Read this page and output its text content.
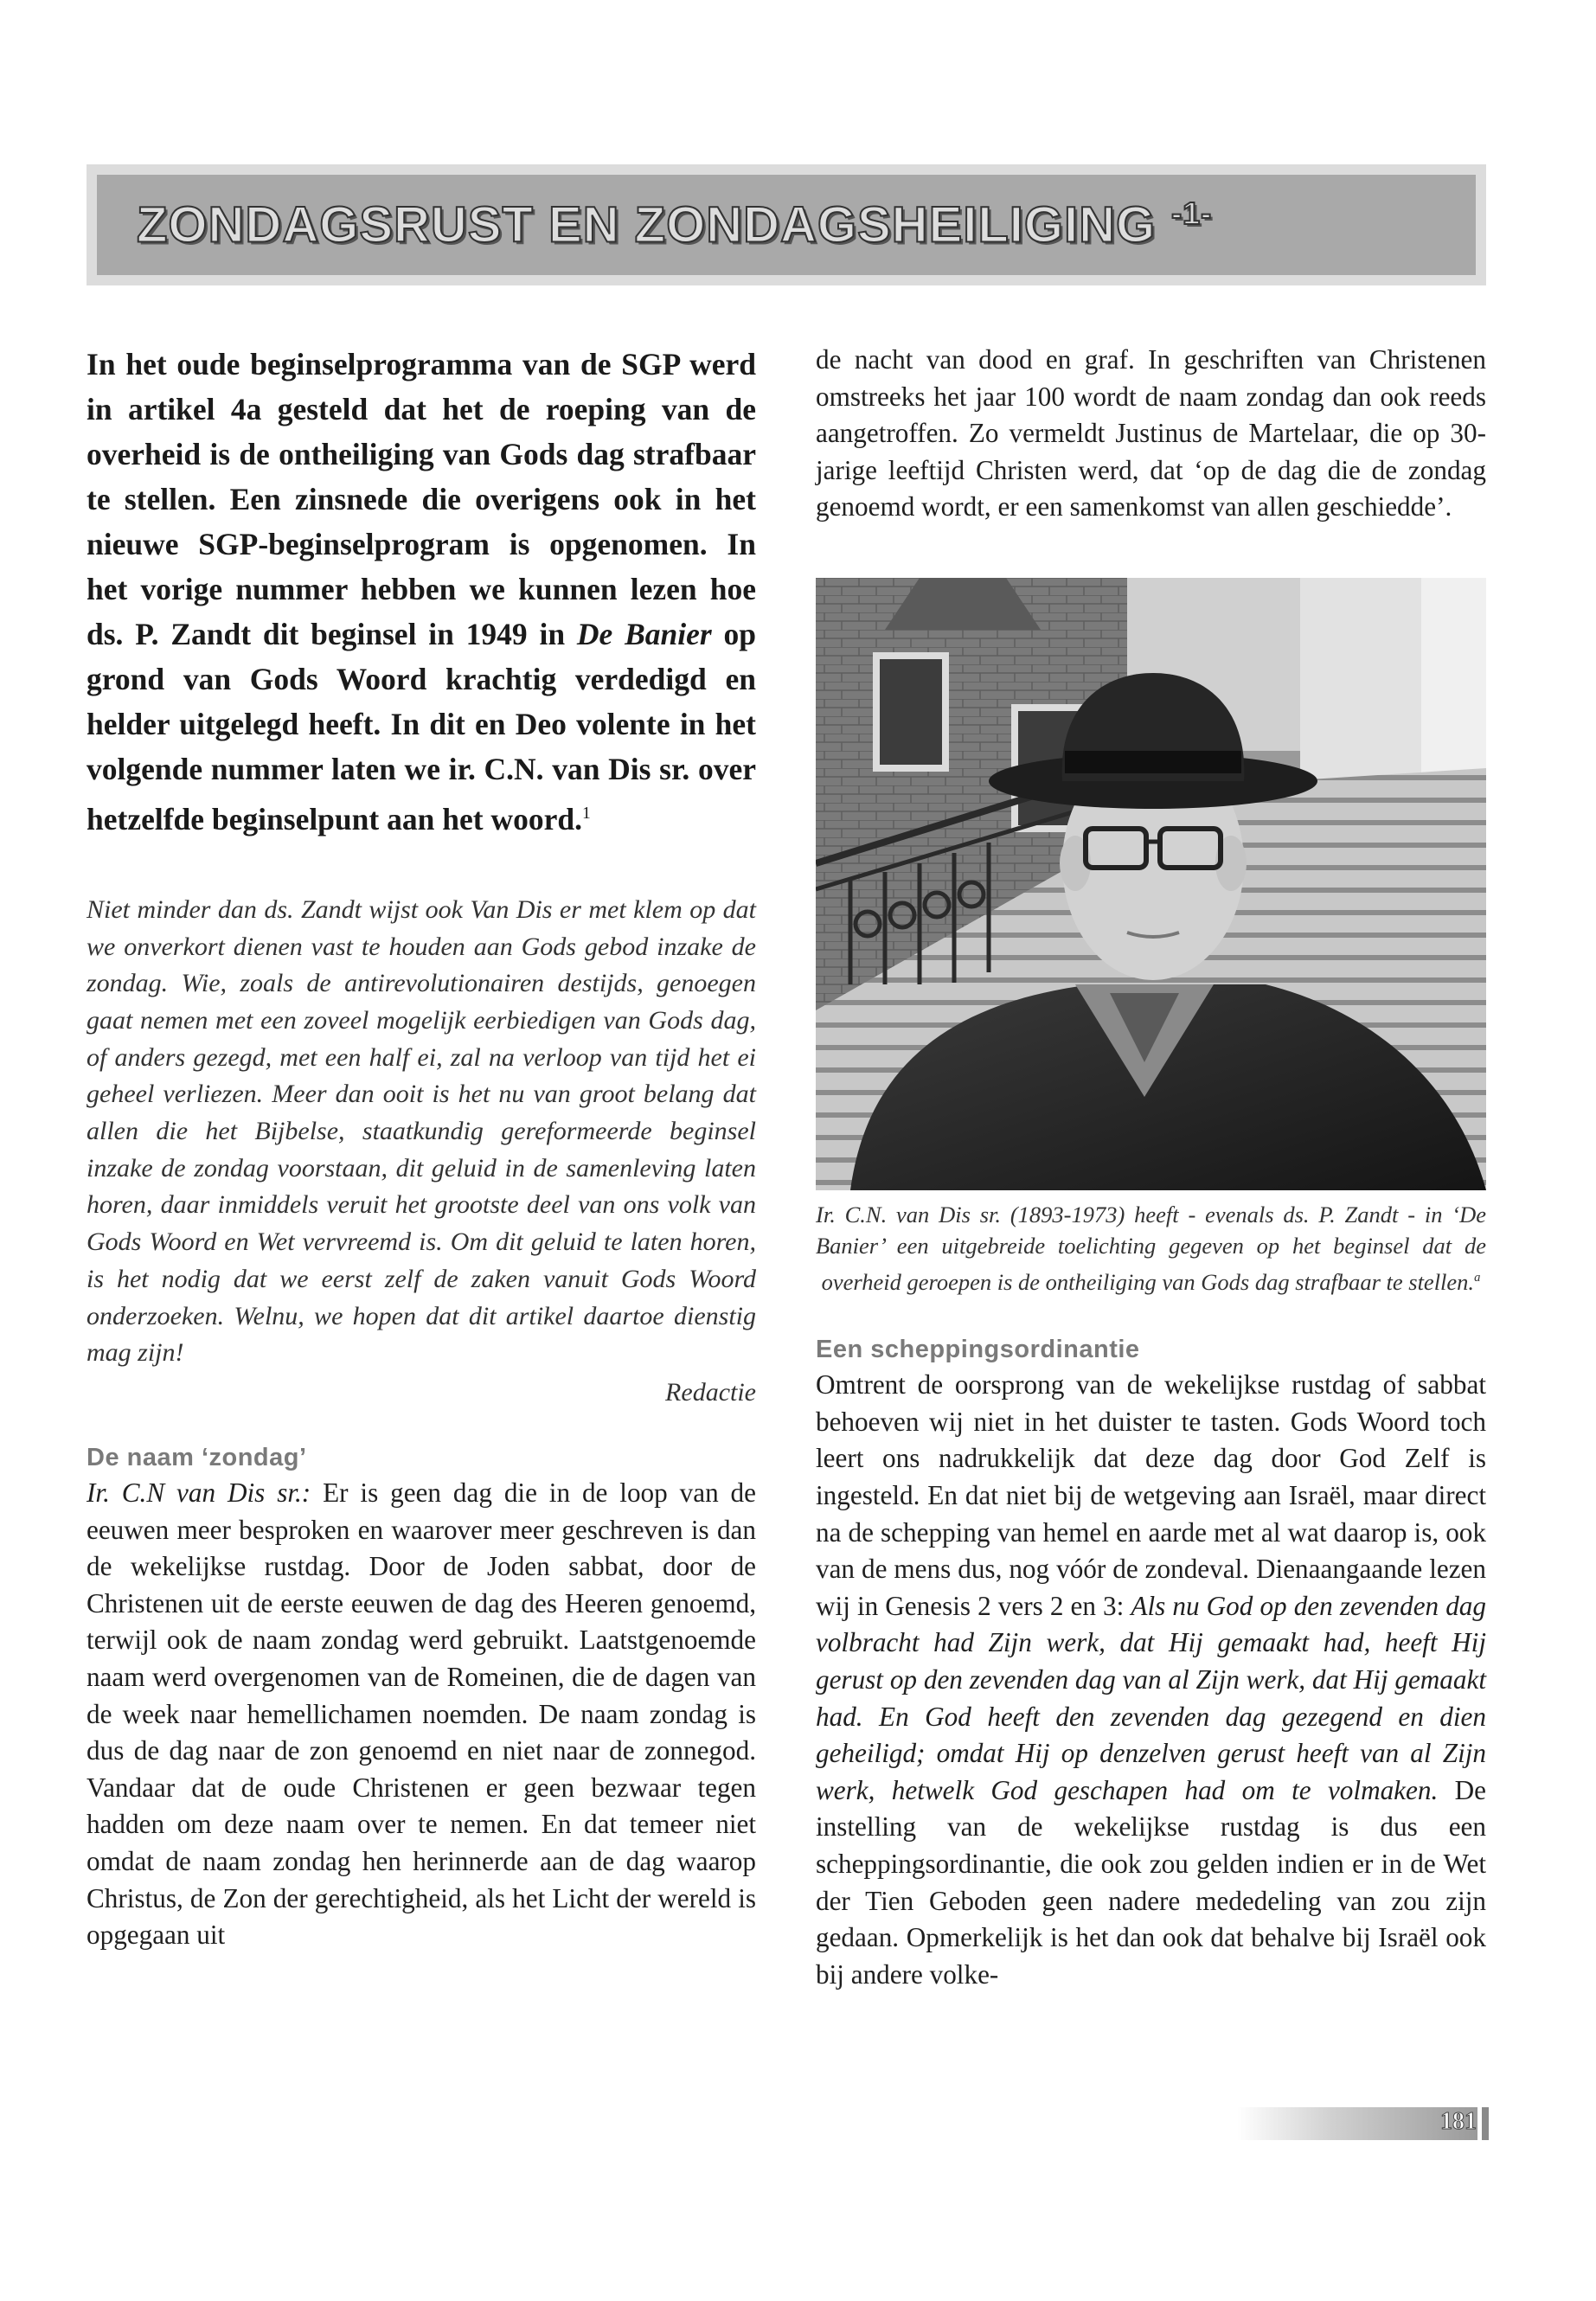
ZONDAGSRUST EN ZONDAGSHEILIGING $^{-1-}$

In het oude beginselprogramma van de SGP werd in artikel 4a gesteld dat het de roeping van de overheid is de ontheiliging van Gods dag strafbaar te stellen. Een zinsnede die overigens ook in het nieuwe SGP-beginselprogram is opgenomen. In het vorige nummer hebben we kunnen lezen hoe ds. P. Zandt dit beginsel in 1949 in De Banier op grond van Gods Woord krachtig verdedigd en helder uitgelegd heeft. In dit en Deo volente in het volgende nummer laten we ir. C.N. van Dis sr. over hetzelfde beginselpunt aan het woord.$^1$

Niet minder dan ds. Zandt wijst ook Van Dis er met klem op dat we onverkort dienen vast te houden aan Gods gebod inzake de zondag. Wie, zoals de antirevolutionairen destijds, genoegen gaat nemen met een zoveel mogelijk eerbiedigen van Gods dag, of anders gezegd, met een half ei, zal na verloop van tijd het ei geheel verliezen. Meer dan ooit is het nu van groot belang dat allen die het Bijbelse, staatkundig gereformeerde beginsel inzake de zondag voorstaan, dit geluid in de samenleving laten horen, daar inmiddels veruit het grootste deel van ons volk van Gods Woord en Wet vervreemd is. Om dit geluid te laten horen, is het nodig dat we eerst zelf de zaken vanuit Gods Woord onderzoeken. Welnu, we hopen dat dit artikel daartoe dienstig mag zijn!

Redactie
De naam ‘zondag’

Ir. C.N van Dis sr.: Er is geen dag die in de loop van de eeuwen meer besproken en waarover meer geschreven is dan de wekelijkse rustdag. Door de Joden sabbat, door de Christenen uit de eerste eeuwen de dag des Heeren genoemd, terwijl ook de naam zondag werd gebruikt. Laatstgenoemde naam werd overgenomen van de Romeinen, die de dagen van de week naar hemellichamen noemden. De naam zondag is dus de dag naar de zon genoemd en niet naar de zonnegod. Vandaar dat de oude Christenen er geen bezwaar tegen hadden om deze naam over te nemen. En dat temeer niet omdat de naam zondag hen herinnerde aan de dag waarop Christus, de Zon der gerechtigheid, als het Licht der wereld is opgegaan uit

de nacht van dood en graf. In geschriften van Christenen omstreeks het jaar 100 wordt de naam zondag dan ook reeds aangetroffen. Zo vermeldt Justinus de Martelaar, die op 30-jarige leeftijd Christen werd, dat ‘op de dag die de zondag genoemd wordt, er een samenkomst van allen geschiedde’.

Ir. C.N. van Dis sr. (1893-1973) heeft - evenals ds. P. Zandt - in ‘De Banier’ een uitgebreide toelichting gegeven op het beginsel dat de overheid geroepen is de ontheiliging van Gods dag strafbaar te stellen.$^a$

Een scheppingsordinantie

Omtrent de oorsprong van de wekelijkse rustdag of sabbat behoeven wij niet in het duister te tasten. Gods Woord toch leert ons nadrukkelijk dat deze dag door God Zelf is ingesteld. En dat niet bij de wetgeving aan Israël, maar direct na de schepping van hemel en aarde met al wat daarop is, ook van de mens dus, nog vóór de zondeval. Dienaangaande lezen wij in Genesis 2 vers 2 en 3: Als nu God op den zevenden dag volbracht had Zijn werk, dat Hij gemaakt had, heeft Hij gerust op den zevenden dag van al Zijn werk, dat Hij gemaakt had. En God heeft den zevenden dag gezegend en dien geheiligd; omdat Hij op denzelven gerust heeft van al Zijn werk, hetwelk God geschapen had om te volmaken. De instelling van de wekelijkse rustdag is dus een scheppingsordinantie, die ook zou gelden indien er in de Wet der Tien Geboden geen nadere mededeling van zou zijn gedaan. Opmerkelijk is het dan ook dat behalve bij Israël ook bij andere volke-

181
